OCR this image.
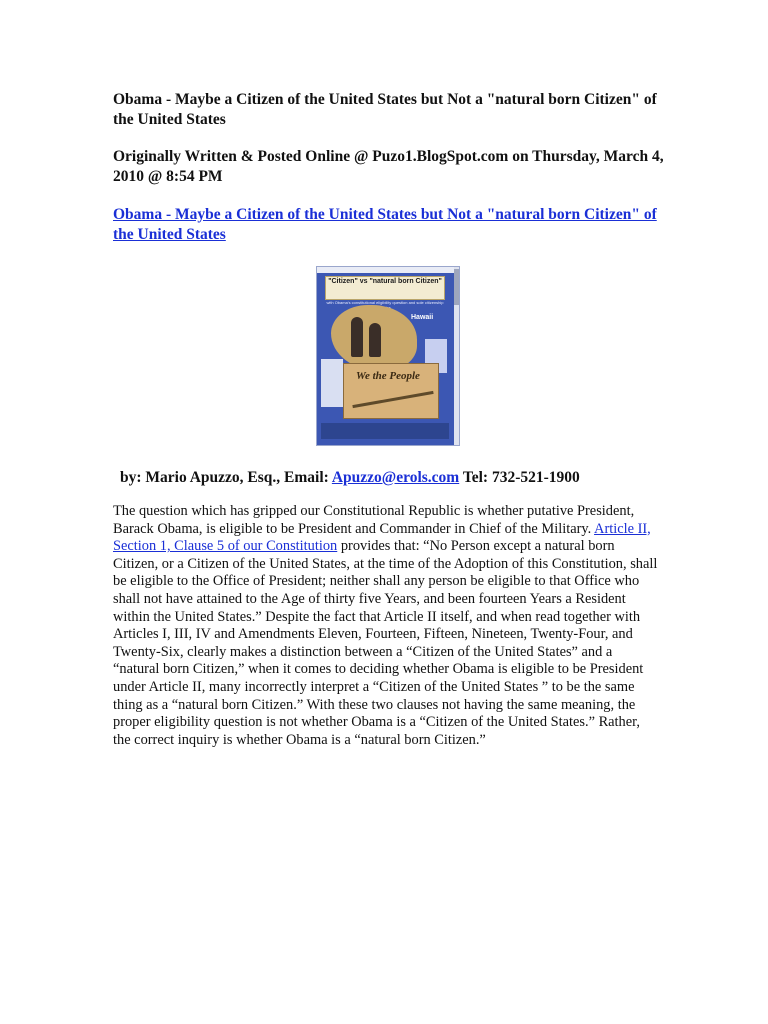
Obama - Maybe a Citizen of the United States but Not a "natural born Citizen" of the United States

Originally Written & Posted Online @ Puzo1.BlogSpot.com on Thursday, March 4, 2010 @ 8:54 PM

Obama - Maybe a Citizen of the United States but Not a "natural born Citizen" of the United States

"Citizen" vs "natural born Citizen"
with Obama's constitutional eligibility question and sole citizenship
Hawaii
We the People

by: Mario Apuzzo, Esq., Email: Apuzzo@erols.com Tel: 732-521-1900

The question which has gripped our Constitutional Republic is whether putative President, Barack Obama, is eligible to be President and Commander in Chief of the Military. Article II, Section 1, Clause 5 of our Constitution provides that: “No Person except a natural born Citizen, or a Citizen of the United States, at the time of the Adoption of this Constitution, shall be eligible to the Office of President; neither shall any person be eligible to that Office who shall not have attained to the Age of thirty five Years, and been fourteen Years a Resident within the United States.” Despite the fact that Article II itself, and when read together with Articles I, III, IV and Amendments Eleven, Fourteen, Fifteen, Nineteen, Twenty-Four, and Twenty-Six, clearly makes a distinction between a “Citizen of the United States” and a “natural born Citizen,” when it comes to deciding whether Obama is eligible to be President under Article II, many incorrectly interpret a “Citizen of the United States ” to be the same thing as a “natural born Citizen.” With these two clauses not having the same meaning, the proper eligibility question is not whether Obama is a “Citizen of the United States.” Rather, the correct inquiry is whether Obama is a “natural born Citizen.”
